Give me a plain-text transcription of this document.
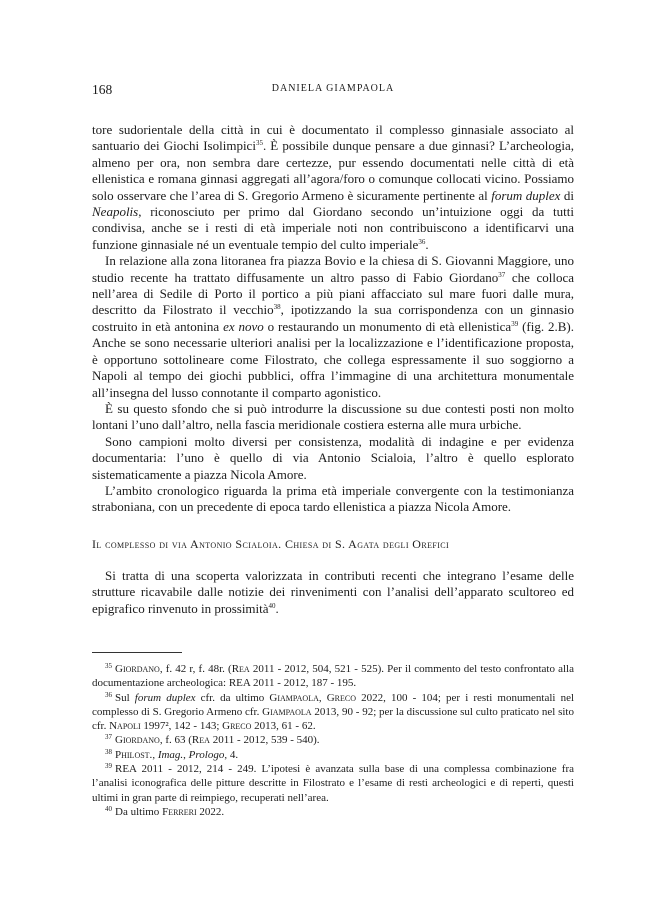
168	DANIELA GIAMPAOLA

tore sudorientale della città in cui è documentato il complesso ginnasiale associato al santuario dei Giochi Isolimpici$^{35}$. È possibile dunque pensare a due ginnasi? L’archeologia, almeno per ora, non sembra dare certezze, pur essendo documentati nelle città di età ellenistica e romana ginnasi aggregati all’agora/foro o comunque collocati vicino. Possiamo solo osservare che l’area di S. Gregorio Armeno è sicuramente pertinente al forum duplex di Neapolis, riconosciuto per primo dal Giordano secondo un’intuizione oggi da tutti condivisa, anche se i resti di età imperiale noti non contribuiscono a identificarvi una funzione ginnasiale né un eventuale tempio del culto imperiale$^{36}$.

In relazione alla zona litoranea fra piazza Bovio e la chiesa di S. Giovanni Maggiore, uno studio recente ha trattato diffusamente un altro passo di Fabio Giordano$^{37}$ che colloca nell’area di Sedile di Porto il portico a più piani affacciato sul mare fuori dalle mura, descritto da Filostrato il vecchio$^{38}$, ipotizzando la sua corrispondenza con un ginnasio costruito in età antonina ex novo o restaurando un monumento di età ellenistica$^{39}$ (fig. 2.B). Anche se sono necessarie ulteriori analisi per la localizzazione e l’identificazione proposta, è opportuno sottolineare come Filostrato, che collega espressamente il suo soggiorno a Napoli al tempo dei giochi pubblici, offra l’immagine di una architettura monumentale all’insegna del lusso connotante il comparto agonistico.

È su questo sfondo che si può introdurre la discussione su due contesti posti non molto lontani l’uno dall’altro, nella fascia meridionale costiera esterna alle mura urbiche.

Sono campioni molto diversi per consistenza, modalità di indagine e per evidenza documentaria: l’uno è quello di via Antonio Scialoia, l’altro è quello esplorato sistematicamente a piazza Nicola Amore.

L’ambito cronologico riguarda la prima età imperiale convergente con la testimonianza straboniana, con un precedente di epoca tardo ellenistica a piazza Nicola Amore.

Il complesso di via Antonio Scialoia. Chiesa di S. Agata degli Orefici

Si tratta di una scoperta valorizzata in contributi recenti che integrano l’esame delle strutture ricavabile dalle notizie dei rinvenimenti con l’analisi dell’apparato scultoreo ed epigrafico rinvenuto in prossimità$^{40}$.

$^{35}$ Giordano, f. 42 r, f. 48r. (Rea 2011 - 2012, 504, 521 - 525). Per il commento del testo confrontato alla documentazione archeologica: REA 2011 - 2012, 187 - 195.

$^{36}$ Sul forum duplex cfr. da ultimo Giampaola, Greco 2022, 100 - 104; per i resti monumentali nel complesso di S. Gregorio Armeno cfr. Giampaola 2013, 90 - 92; per la discussione sul culto praticato nel sito cfr. Napoli 1997², 142 - 143; Greco 2013, 61 - 62.

$^{37}$ Giordano, f. 63 (Rea 2011 - 2012, 539 - 540).

$^{38}$ Philost., Imag., Prologo, 4.

$^{39}$ REA 2011 - 2012, 214 - 249. L’ipotesi è avanzata sulla base di una complessa combinazione fra l’analisi iconografica delle pitture descritte in Filostrato e l’esame di resti archeologici e di reperti, questi ultimi in gran parte di reimpiego, recuperati nell’area.

$^{40}$ Da ultimo Ferreri 2022.
